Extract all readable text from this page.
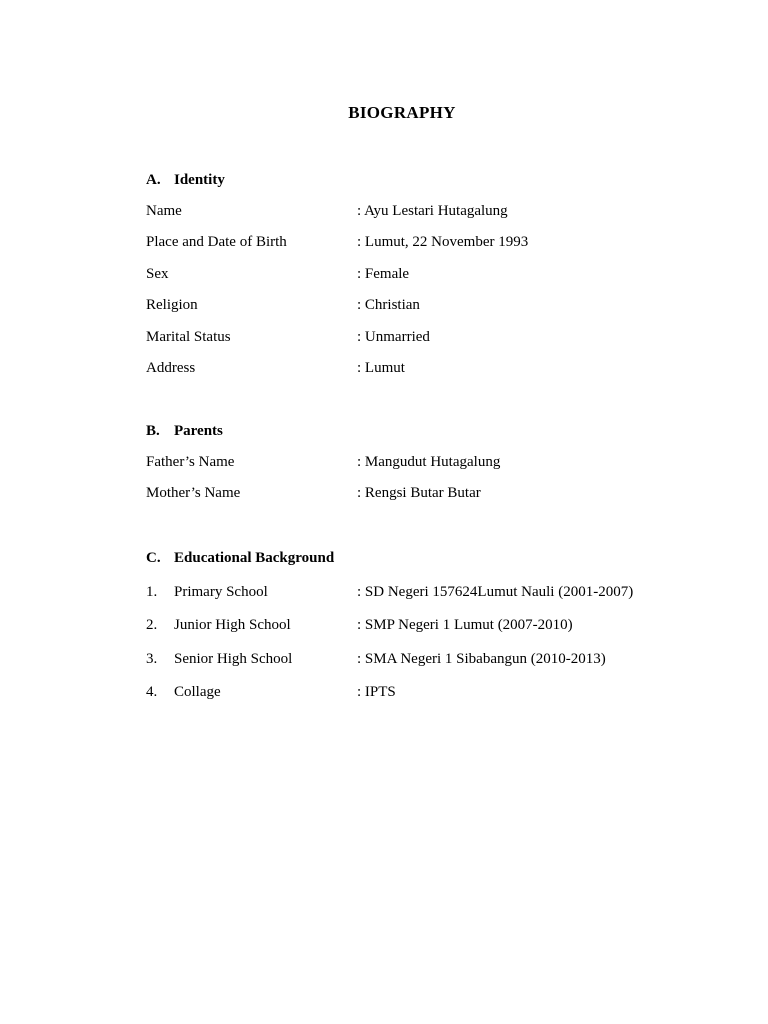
BIOGRAPHY
A. Identity
Name	: Ayu Lestari Hutagalung
Place and Date of Birth	: Lumut, 22 November 1993
Sex	: Female
Religion	: Christian
Marital Status	: Unmarried
Address	: Lumut
B. Parents
Father’s Name	: Mangudut Hutagalung
Mother’s Name	: Rengsi Butar Butar
C. Educational Background
1. Primary School	: SD Negeri 157624Lumut Nauli (2001-2007)
2. Junior High School	: SMP Negeri 1 Lumut (2007-2010)
3. Senior High School	: SMA Negeri 1 Sibabangun (2010-2013)
4. Collage	: IPTS
